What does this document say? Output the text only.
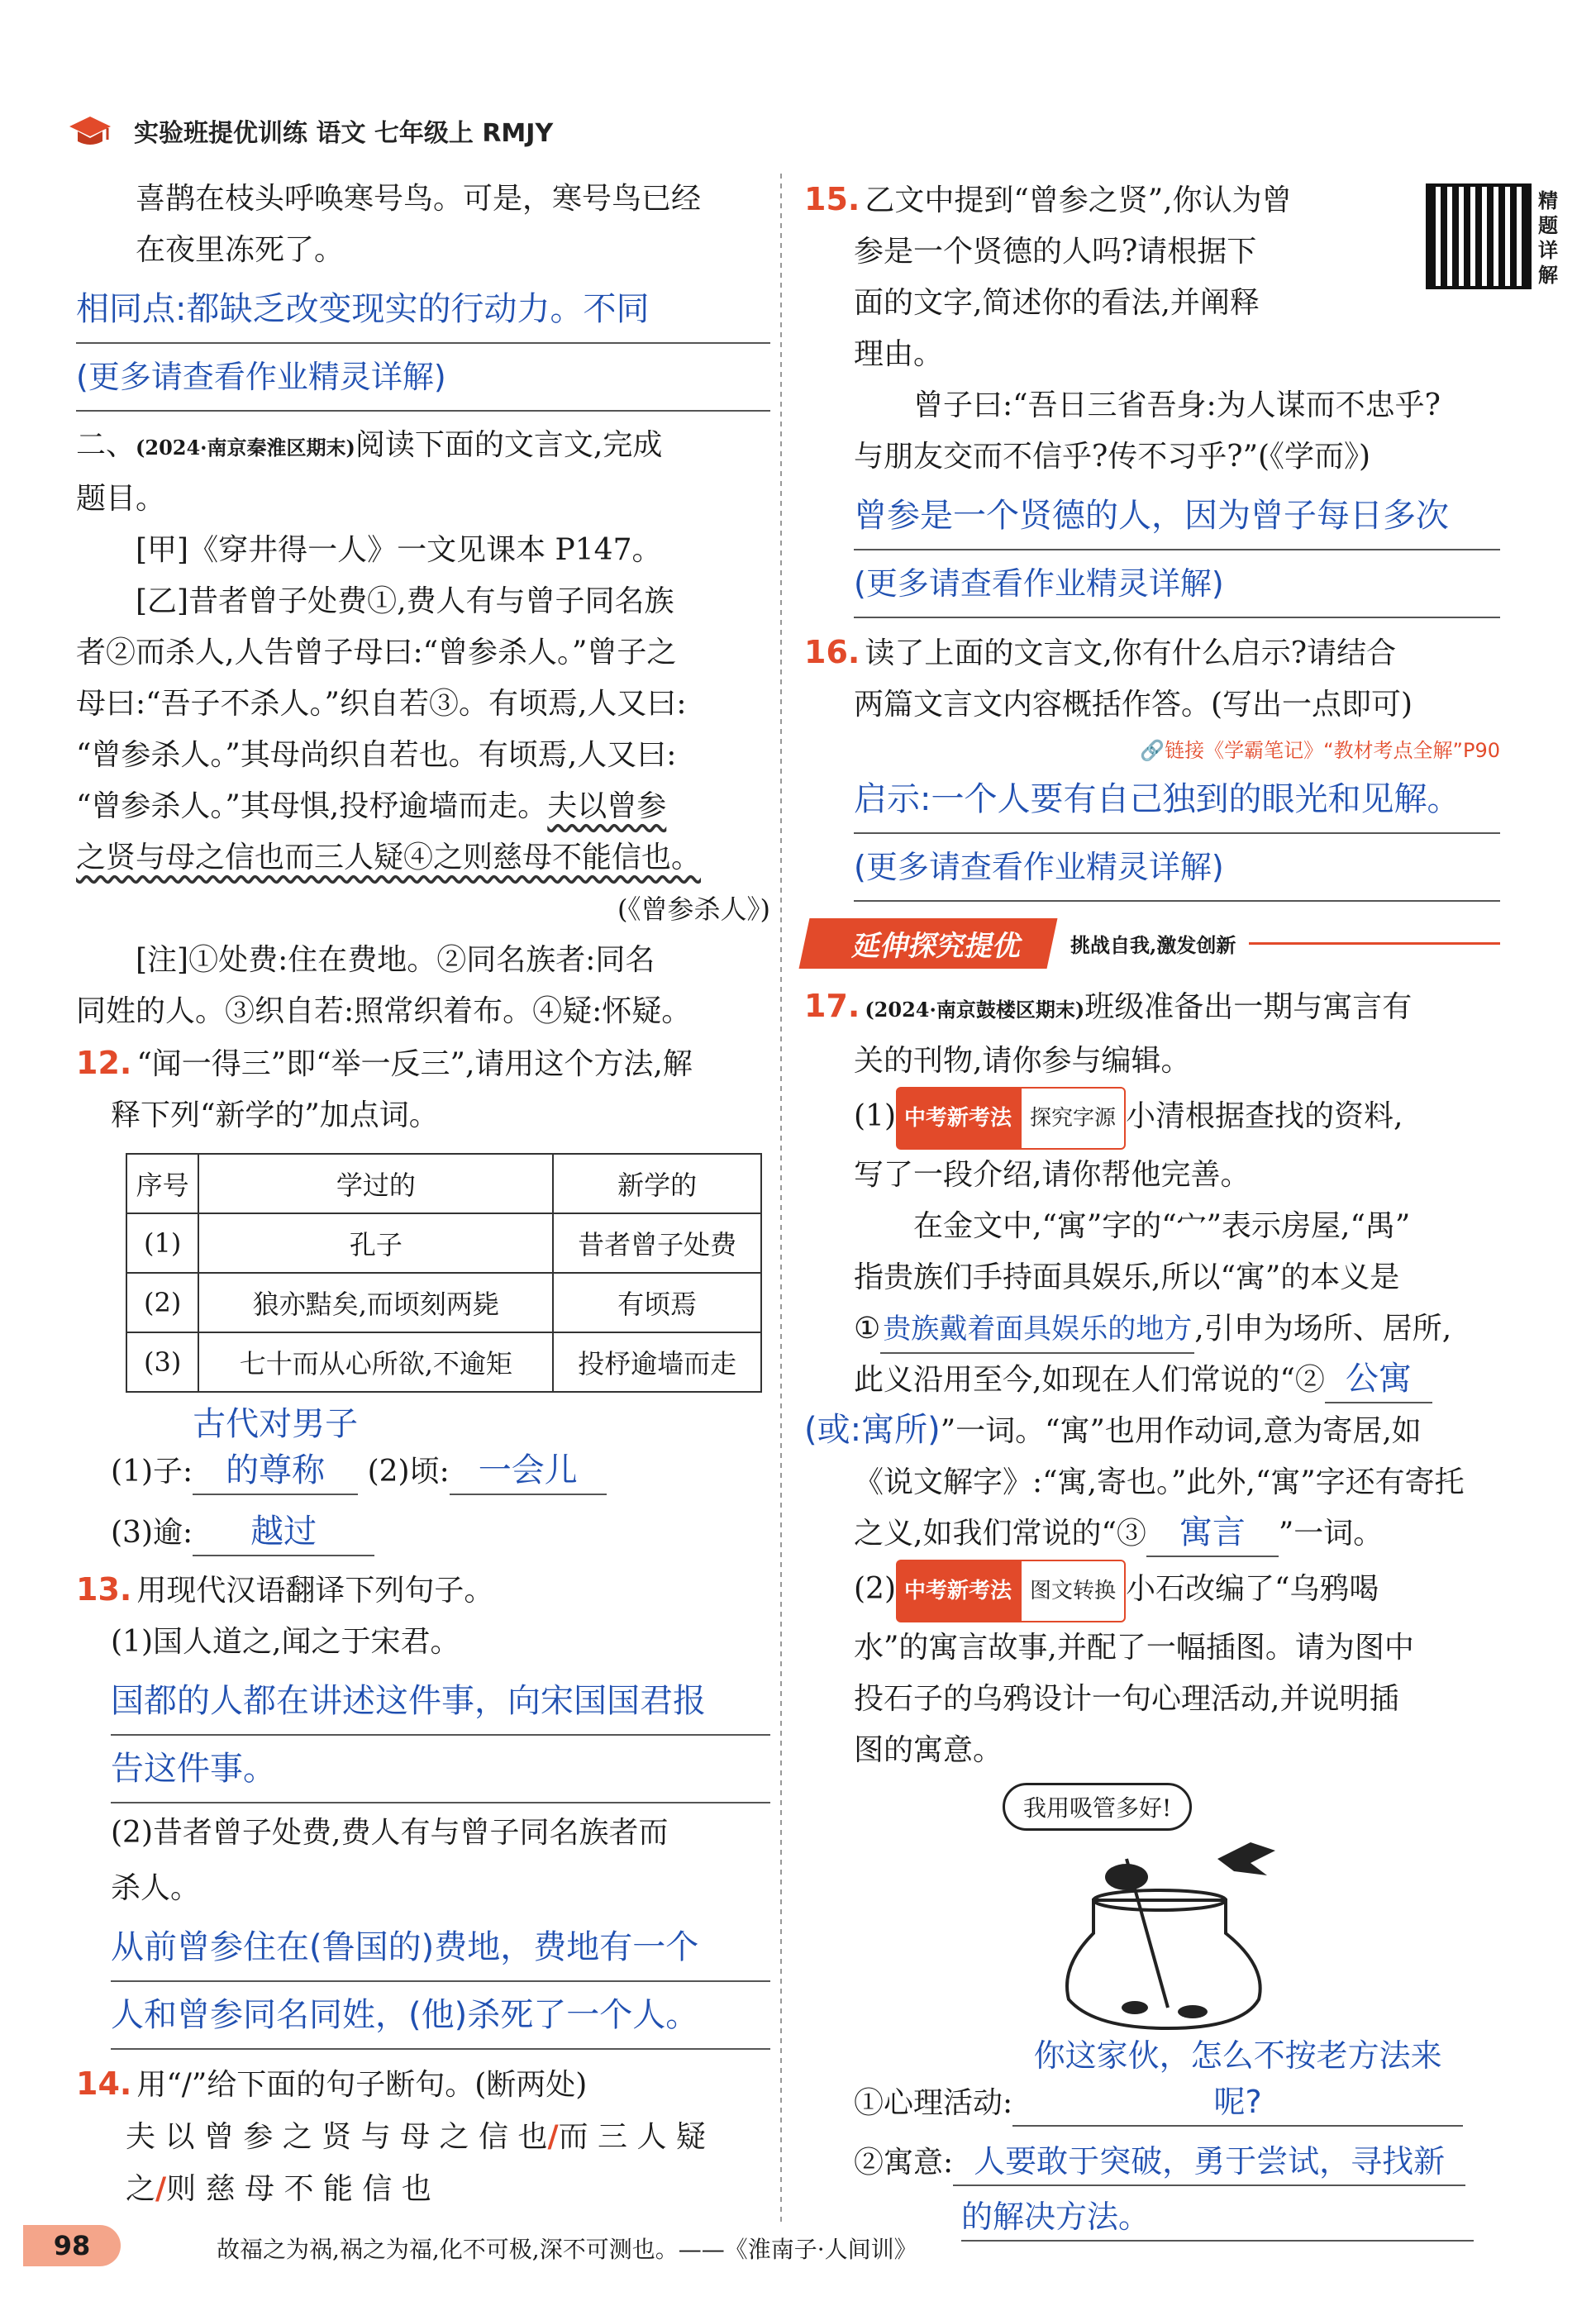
实验班提优训练 语文 七年级上 RMJY

喜鹊在枝头呼唤寒号鸟。可是，寒号鸟已经

在夜里冻死了。

相同点:都缺乏改变现实的行动力。不同

(更多请查看作业精灵详解)

二、(2024·南京秦淮区期末)阅读下面的文言文,完成

题目。

[甲]《穿井得一人》一文见课本 P147。

[乙]昔者曾子处费①,费人有与曾子同名族

者②而杀人,人告曾子母曰:“曾参杀人。”曾子之

母曰:“吾子不杀人。”织自若③。有顷焉,人又曰:

“曾参杀人。”其母尚织自若也。有顷焉,人又曰:

“曾参杀人。”其母惧,投杼逾墙而走。夫以曾参

之贤与母之信也而三人疑④之则慈母不能信也。

(《曾参杀人》)

[注]①处费:住在费地。②同名族者:同名

同姓的人。③织自若:照常织着布。④疑:怀疑。

12. “闻一得三”即“举一反三”,请用这个方法,解

释下列“新学的”加点词。

序号	学过的	新学的
(1)	孔子	昔者曾子处费
(2)	狼亦黠矣,而顷刻两毙	有顷焉
(3)	七十而从心所欲,不逾矩	投杼逾墙而走

(1)子:古代对男子的尊称 (2)顷: 一会儿

(3)逾: 越过

13. 用现代汉语翻译下列句子。

(1)国人道之,闻之于宋君。

国都的人都在讲述这件事，向宋国国君报

告这件事。

(2)昔者曾子处费,费人有与曾子同名族者而

杀人。

从前曾参住在(鲁国的)费地，费地有一个

人和曾参同名同姓，(他)杀死了一个人。

14. 用“/”给下面的句子断句。(断两处)

夫 以 曾 参 之 贤 与 母 之 信 也/而 三 人 疑

之/则 慈 母 不 能 信 也

精题详解

15. 乙文中提到“曾参之贤”,你认为曾

参是一个贤德的人吗?请根据下

面的文字,简述你的看法,并阐释

理由。

曾子曰:“吾日三省吾身:为人谋而不忠乎?

与朋友交而不信乎?传不习乎?”(《学而》)

曾参是一个贤德的人，因为曾子每日多次

(更多请查看作业精灵详解)

16. 读了上面的文言文,你有什么启示?请结合

两篇文言文内容概括作答。(写出一点即可)

🔗链接《学霸笔记》“教材考点全解”P90

启示:一个人要有自己独到的眼光和见解。

(更多请查看作业精灵详解)

延伸探究提优	挑战自我,激发创新

17. (2024·南京鼓楼区期末)班级准备出一期与寓言有

关的刊物,请你参与编辑。

(1) 中考新考法 探究字源 小清根据查找的资料,

写了一段介绍,请你帮他完善。

在金文中,“寓”字的“宀”表示房屋,“禺”

指贵族们手持面具娱乐,所以“寓”的本义是

①贵族戴着面具娱乐的地方,引申为场所、居所,

此义沿用至今,如现在人们常说的“② 公寓

(或:寓所)”一词。“寓”也用作动词,意为寄居,如

《说文解字》:“寓,寄也。”此外,“寓”字还有寄托

之义,如我们常说的“③ 寓言 ”一词。

(2) 中考新考法 图文转换 小石改编了“乌鸦喝

水”的寓言故事,并配了一幅插图。请为图中

投石子的乌鸦设计一句心理活动,并说明插

图的寓意。

我用吸管多好!

①心理活动:你这家伙，怎么不按老方法来呢?

②寓意: 人要敢于突破，勇于尝试，寻找新

的解决方法。

98	故福之为祸,祸之为福,化不可极,深不可测也。——《淮南子·人间训》
